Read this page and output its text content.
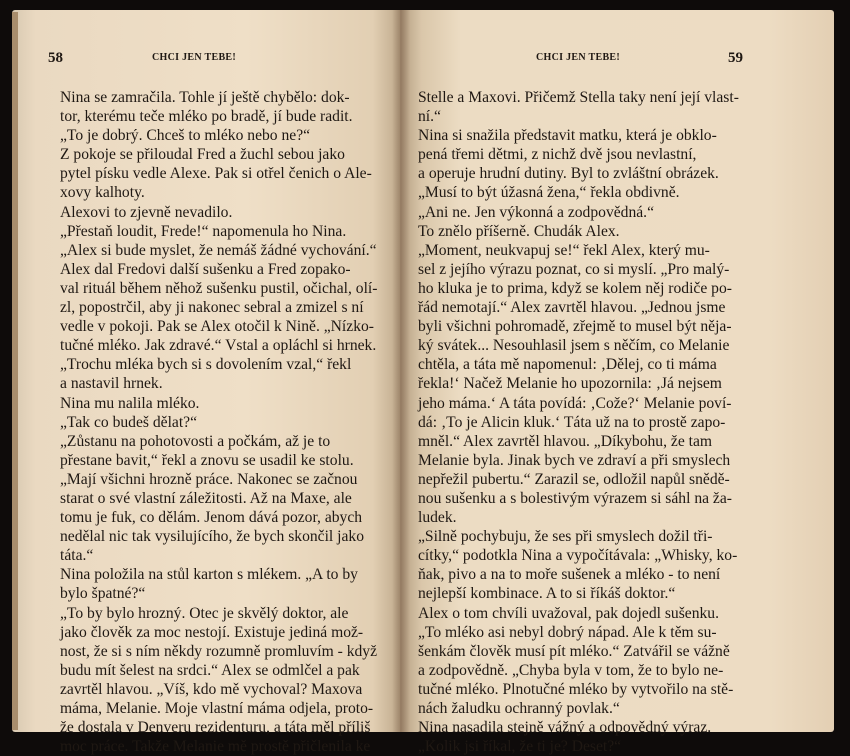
58	CHCI JEN TEBE!

Nina se zamračila. Tohle jí ještě chybělo: dok-

tor, kterému teče mléko po bradě, jí bude radit.

„To je dobrý. Chceš to mléko nebo ne?“

Z pokoje se přiloudal Fred a žuchl sebou jako

pytel písku vedle Alexe. Pak si otřel čenich o Ale-

xovy kalhoty.

Alexovi to zjevně nevadilo.

„Přestaň loudit, Frede!“ napomenula ho Nina.

„Alex si bude myslet, že nemáš žádné vychování.“

Alex dal Fredovi další sušenku a Fred zopako-

val rituál během něhož sušenku pustil, očichal, olí-

zl, popostrčil, aby ji nakonec sebral a zmizel s ní

vedle v pokoji. Pak se Alex otočil k Nině. „Nízko-

tučné mléko. Jak zdravé.“ Vstal a opláchl si hrnek.

„Trochu mléka bych si s dovolením vzal,“ řekl

a nastavil hrnek.

Nina mu nalila mléko.

„Tak co budeš dělat?“

„Zůstanu na pohotovosti a počkám, až je to

přestane bavit,“ řekl a znovu se usadil ke stolu.

„Mají všichni hrozně práce. Nakonec se začnou

starat o své vlastní záležitosti. Až na Maxe, ale

tomu je fuk, co dělám. Jenom dává pozor, abych

nedělal nic tak vysilujícího, že bych skončil jako

táta.“

Nina položila na stůl karton s mlékem. „A to by

bylo špatné?“

„To by bylo hrozný. Otec je skvělý doktor, ale

jako člověk za moc nestojí. Existuje jediná mož-

nost, že si s ním někdy rozumně promluvím - když

budu mít šelest na srdci.“ Alex se odmlčel a pak

zavrtěl hlavou. „Víš, kdo mě vychoval? Maxova

máma, Melanie. Moje vlastní máma odjela, proto-

že dostala v Denveru rezidenturu, a táta měl příliš

moc práce. Takže Melanie mě prostě přičlenila ke

59
CHCI JEN TEBE!

Stelle a Maxovi. Přičemž Stella taky není její vlast-

ní.“

Nina si snažila představit matku, která je obklo-

pená třemi dětmi, z nichž dvě jsou nevlastní,

a operuje hrudní dutiny. Byl to zvláštní obrázek.

„Musí to být úžasná žena,“ řekla obdivně.

„Ani ne. Jen výkonná a zodpovědná.“

To znělo příšerně. Chudák Alex.

„Moment, neukvapuj se!“ řekl Alex, který mu-

sel z jejího výrazu poznat, co si myslí. „Pro malý-

ho kluka je to prima, když se kolem něj rodiče po-

řád nemotají.“ Alex zavrtěl hlavou. „Jednou jsme

byli všichni pohromadě, zřejmě to musel být něja-

ký svátek... Nesouhlasil jsem s něčím, co Melanie

chtěla, a táta mě napomenul: ‚Dělej, co ti máma

řekla!‘ Načež Melanie ho upozornila: ‚Já nejsem

jeho máma.‘ A táta povídá: ‚Cože?‘ Melanie poví-

dá: ‚To je Alicin kluk.‘ Táta už na to prostě zapo-

mněl.“ Alex zavrtěl hlavou. „Díkybohu, že tam

Melanie byla. Jinak bych ve zdraví a při smyslech

nepřežil pubertu.“ Zarazil se, odložil napůl snědě-

nou sušenku a s bolestivým výrazem si sáhl na ža-

ludek.

„Silně pochybuju, že ses při smyslech dožil tři-

cítky,“ podotkla Nina a vypočítávala: „Whisky, ko-

ňak, pivo a na to moře sušenek a mléko - to není

nejlepší kombinace. A to si říkáš doktor.“

Alex o tom chvíli uvažoval, pak dojedl sušenku.

„To mléko asi nebyl dobrý nápad. Ale k těm su-

šenkám člověk musí pít mléko.“ Zatvářil se vážně

a zodpovědně. „Chyba byla v tom, že to bylo ne-

tučné mléko. Plnotučné mléko by vytvořilo na stě-

nách žaludku ochranný povlak.“

Nina nasadila stejně vážný a odpovědný výraz.

„Kolik jsi říkal, že ti je? Deset?“
